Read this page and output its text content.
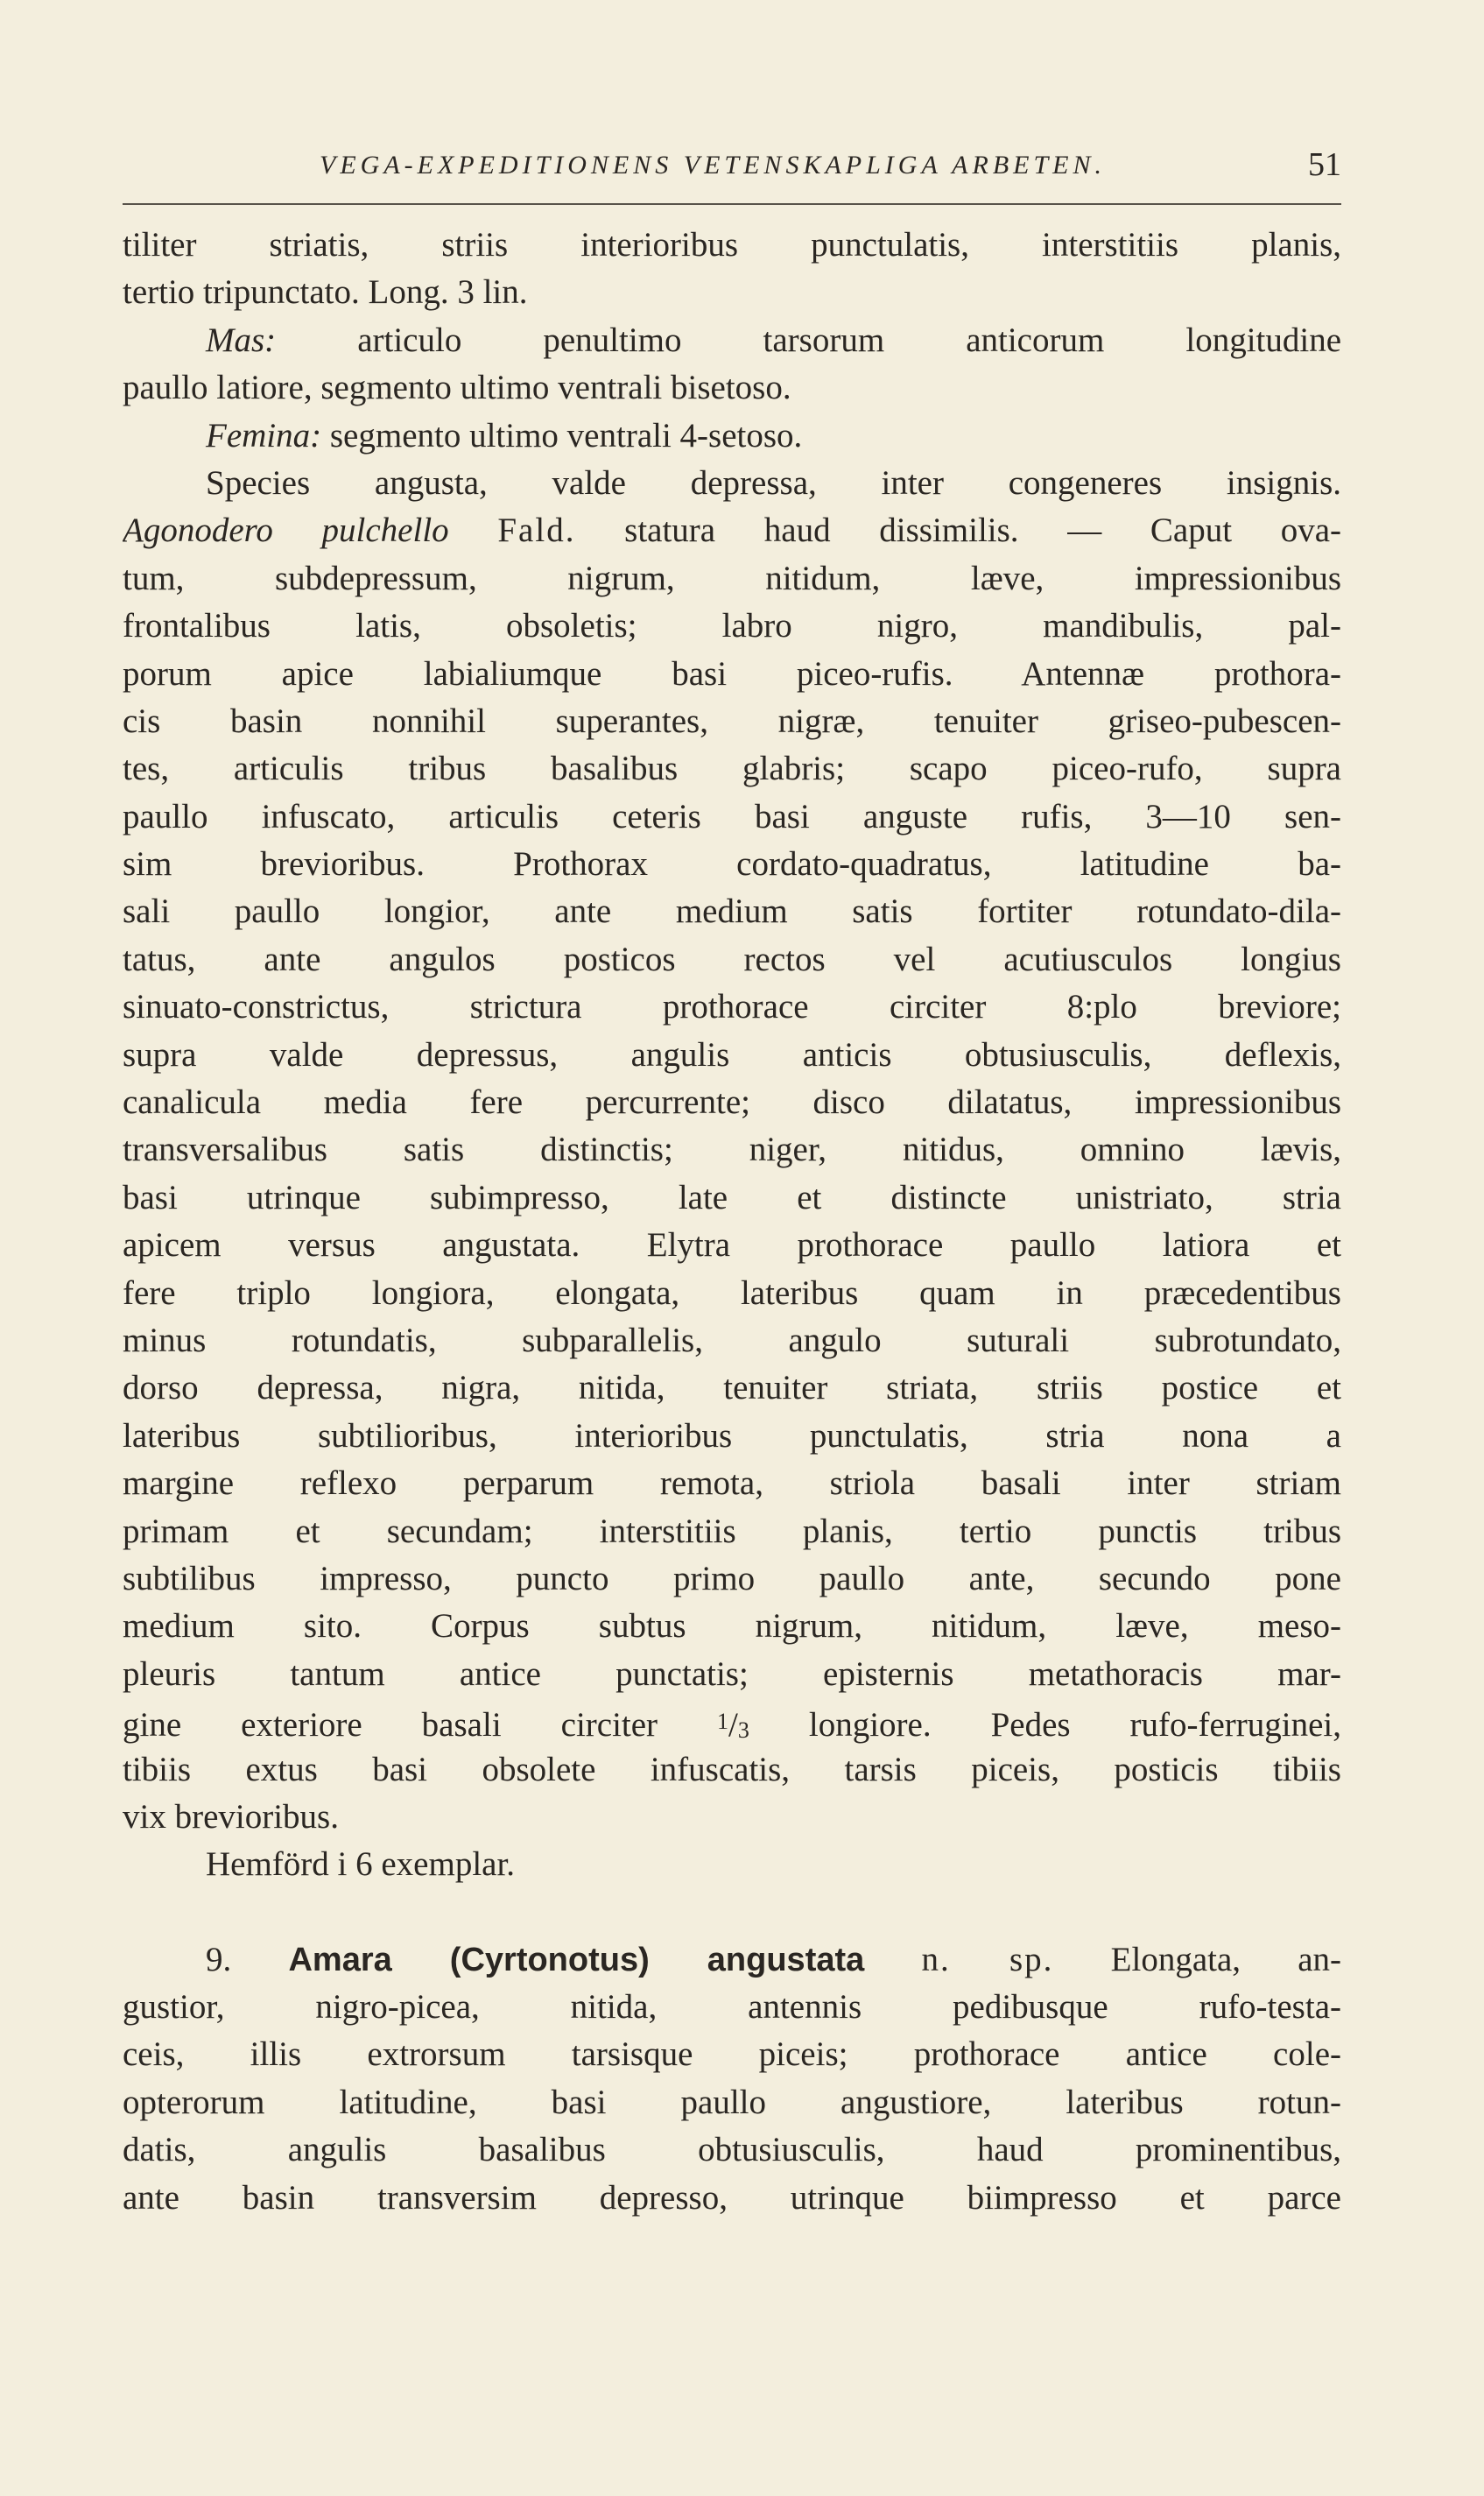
VEGA-EXPEDITIONENS VETENSKAPLIGA ARBETEN.	51
tiliter striatis, striis interioribus punctulatis, interstitiis planis,
tertio tripunctato. Long. 3 lin.
Mas: articulo penultimo tarsorum anticorum longitudine
paullo latiore, segmento ultimo ventrali bisetoso.
Femina: segmento ultimo ventrali 4-setoso.
Species angusta, valde depressa, inter congeneres insignis.
Agonodero pulchello Fald. statura haud dissimilis. — Caput ova-
tum, subdepressum, nigrum, nitidum, læve, impressionibus
frontalibus latis, obsoletis; labro nigro, mandibulis, pal-
porum apice labialiumque basi piceo-rufis. Antennæ prothora-
cis basin nonnihil superantes, nigræ, tenuiter griseo-pubescen-
tes, articulis tribus basalibus glabris; scapo piceo-rufo, supra
paullo infuscato, articulis ceteris basi anguste rufis, 3—10 sen-
sim brevioribus. Prothorax cordato-quadratus, latitudine ba-
sali paullo longior, ante medium satis fortiter rotundato-dila-
tatus, ante angulos posticos rectos vel acutiusculos longius
sinuato-constrictus, strictura prothorace circiter 8:plo breviore;
supra valde depressus, angulis anticis obtusiusculis, deflexis,
canalicula media fere percurrente; disco dilatatus, impressionibus
transversalibus satis distinctis; niger, nitidus, omnino lævis,
basi utrinque subimpresso, late et distincte unistriato, stria
apicem versus angustata. Elytra prothorace paullo latiora et
fere triplo longiora, elongata, lateribus quam in præcedentibus
minus rotundatis, subparallelis, angulo suturali subrotundato,
dorso depressa, nigra, nitida, tenuiter striata, striis postice et
lateribus subtilioribus, interioribus punctulatis, stria nona a
margine reflexo perparum remota, striola basali inter striam
primam et secundam; interstitiis planis, tertio punctis tribus
subtilibus impresso, puncto primo paullo ante, secundo pone
medium sito. Corpus subtus nigrum, nitidum, læve, meso-
pleuris tantum antice punctatis; episternis metathoracis mar-
gine exteriore basali circiter	$^1$/3 longiore. Pedes rufo-ferruginei,
tibiis extus basi obsolete infuscatis, tarsis piceis, posticis tibiis
vix brevioribus.
Hemförd i 6 exemplar.
9. Amara (Cyrtonotus) angustata n. sp. Elongata, an-
gustior, nigro-picea, nitida, antennis pedibusque rufo-testa-
ceis, illis extrorsum tarsisque piceis; prothorace antice cole-
opterorum latitudine, basi paullo angustiore, lateribus rotun-
datis, angulis basalibus obtusiusculis, haud prominentibus,
ante basin transversim depresso, utrinque biimpresso et parce
